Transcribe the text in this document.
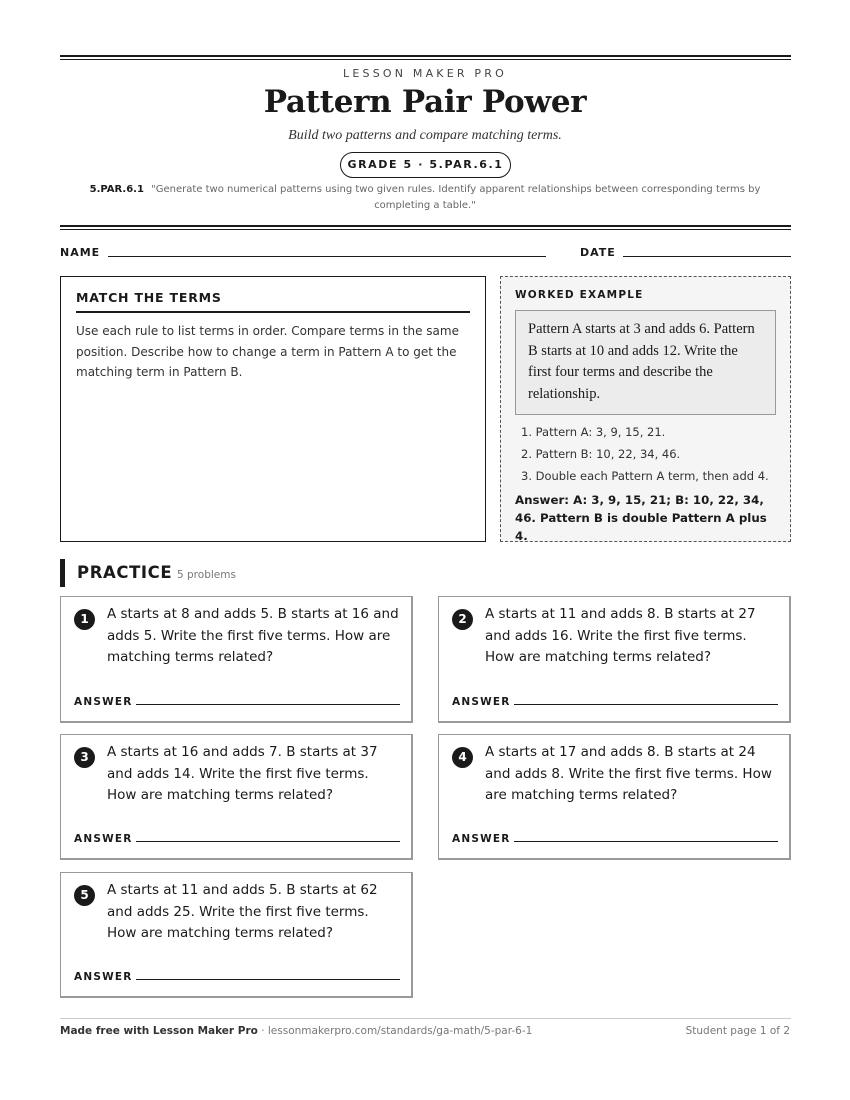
LESSON MAKER PRO
Pattern Pair Power
Build two patterns and compare matching terms.
GRADE 5 · 5.PAR.6.1
5.PAR.6.1 "Generate two numerical patterns using two given rules. Identify apparent relationships between corresponding terms by completing a table."
NAME	DATE
MATCH THE TERMS
Use each rule to list terms in order. Compare terms in the same position. Describe how to change a term in Pattern A to get the matching term in Pattern B.
WORKED EXAMPLE
Pattern A starts at 3 and adds 6. Pattern B starts at 10 and adds 12. Write the first four terms and describe the relationship.
1. Pattern A: 3, 9, 15, 21.
2. Pattern B: 10, 22, 34, 46.
3. Double each Pattern A term, then add 4.
Answer: A: 3, 9, 15, 21; B: 10, 22, 34, 46. Pattern B is double Pattern A plus 4.
PRACTICE 5 problems
1	A starts at 8 and adds 5. B starts at 16 and adds 5. Write the first five terms. How are matching terms related?
ANSWER
2	A starts at 11 and adds 8. B starts at 27 and adds 16. Write the first five terms. How are matching terms related?
ANSWER
3	A starts at 16 and adds 7. B starts at 37 and adds 14. Write the first five terms. How are matching terms related?
ANSWER
4	A starts at 17 and adds 8. B starts at 24 and adds 8. Write the first five terms. How are matching terms related?
ANSWER
5	A starts at 11 and adds 5. B starts at 62 and adds 25. Write the first five terms. How are matching terms related?
ANSWER
Made free with Lesson Maker Pro · lessonmakerpro.com/standards/ga-math/5-par-6-1	Student page 1 of 2
